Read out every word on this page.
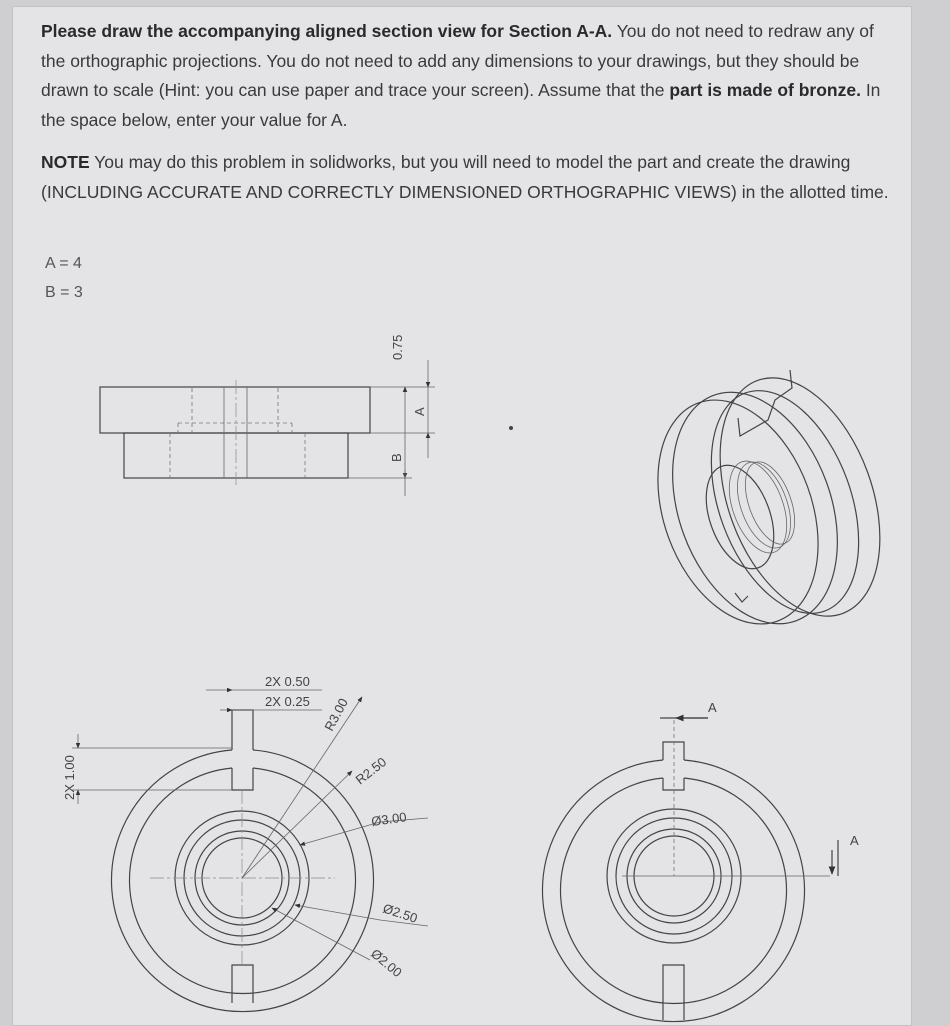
Please draw the accompanying aligned section view for Section A-A. You do not need to redraw any of the orthographic projections. You do not need to add any dimensions to your drawings, but they should be drawn to scale (Hint: you can use paper and trace your screen). Assume that the part is made of bronze. In the space below, enter your value for A.
NOTE You may do this problem in solidworks, but you will need to model the part and create the drawing (INCLUDING ACCURATE AND CORRECTLY DIMENSIONED ORTHOGRAPHIC VIEWS) in the allotted time.
A = 4
B = 3
0.75
A
B
R3.00
R2.50
Ø3.00
Ø2.50
Ø2.00
2X 0.50
2X 0.25
2X 1.00
A
A
